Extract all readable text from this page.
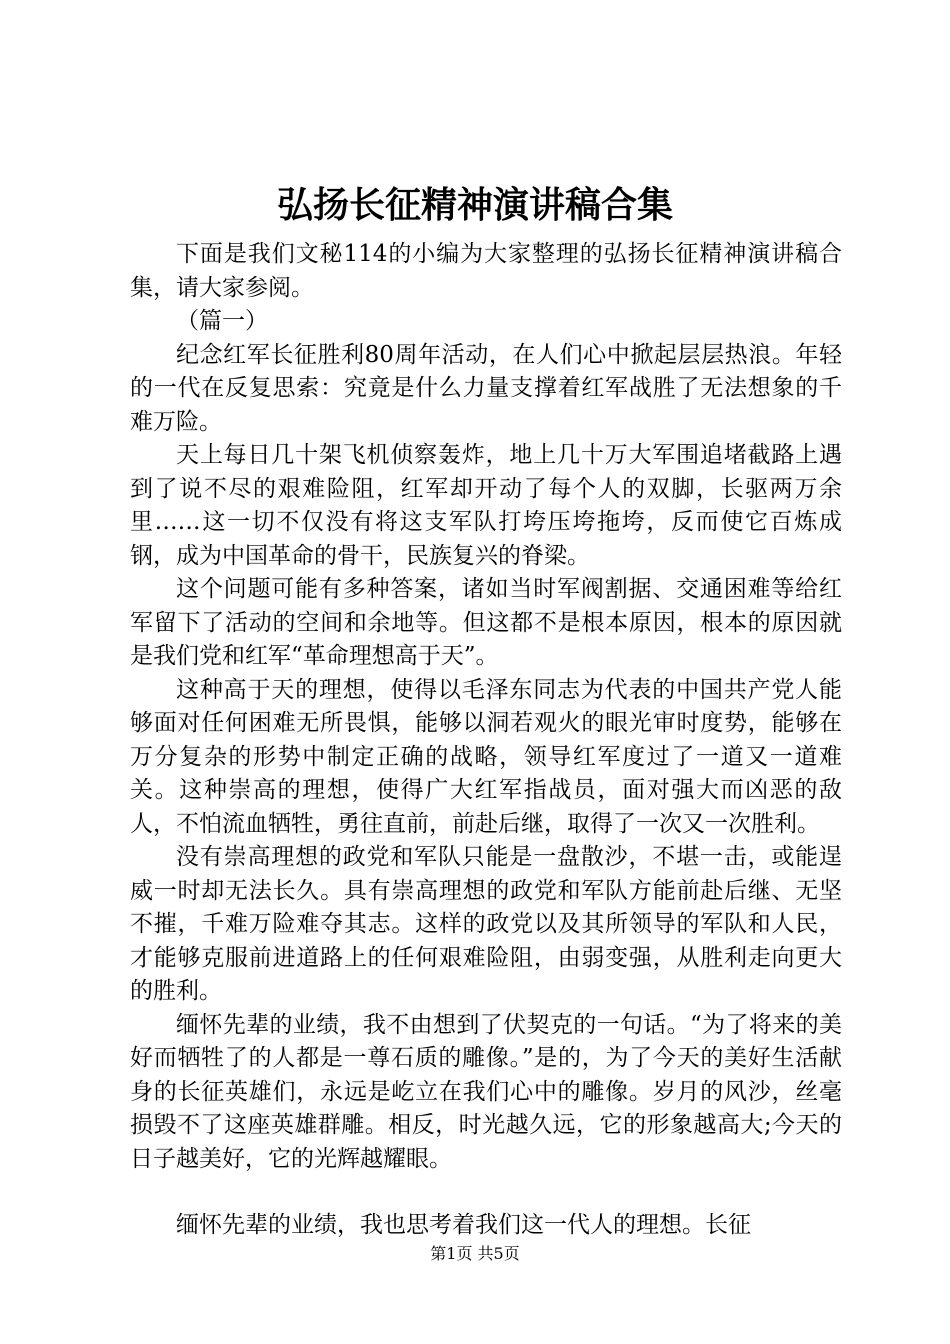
弘扬长征精神演讲稿合集

下面是我们文秘114的小编为大家整理的弘扬长征精神演讲稿合集，请大家参阅。

（篇一）

纪念红军长征胜利80周年活动，在人们心中掀起层层热浪。年轻的一代在反复思索：究竟是什么力量支撑着红军战胜了无法想象的千难万险。

天上每日几十架飞机侦察轰炸，地上几十万大军围追堵截路上遇到了说不尽的艰难险阻，红军却开动了每个人的双脚，长驱两万余里……这一切不仅没有将这支军队打垮压垮拖垮，反而使它百炼成钢，成为中国革命的骨干，民族复兴的脊梁。

这个问题可能有多种答案，诸如当时军阀割据、交通困难等给红军留下了活动的空间和余地等。但这都不是根本原因，根本的原因就是我们党和红军“革命理想高于天”。

这种高于天的理想，使得以毛泽东同志为代表的中国共产党人能够面对任何困难无所畏惧，能够以洞若观火的眼光审时度势，能够在万分复杂的形势中制定正确的战略，领导红军度过了一道又一道难关。这种崇高的理想，使得广大红军指战员，面对强大而凶恶的敌人，不怕流血牺牲，勇往直前，前赴后继，取得了一次又一次胜利。

没有崇高理想的政党和军队只能是一盘散沙，不堪一击，或能逞威一时却无法长久。具有崇高理想的政党和军队方能前赴后继、无坚不摧，千难万险难夺其志。这样的政党以及其所领导的军队和人民，才能够克服前进道路上的任何艰难险阻，由弱变强，从胜利走向更大的胜利。

缅怀先辈的业绩，我不由想到了伏契克的一句话。“为了将来的美好而牺牲了的人都是一尊石质的雕像。”是的，为了今天的美好生活献身的长征英雄们，永远是屹立在我们心中的雕像。岁月的风沙，丝毫损毁不了这座英雄群雕。相反，时光越久远，它的形象越高大;今天的日子越美好，它的光辉越耀眼。

缅怀先辈的业绩，我也思考着我们这一代人的理想。长征

第1页 共5页
